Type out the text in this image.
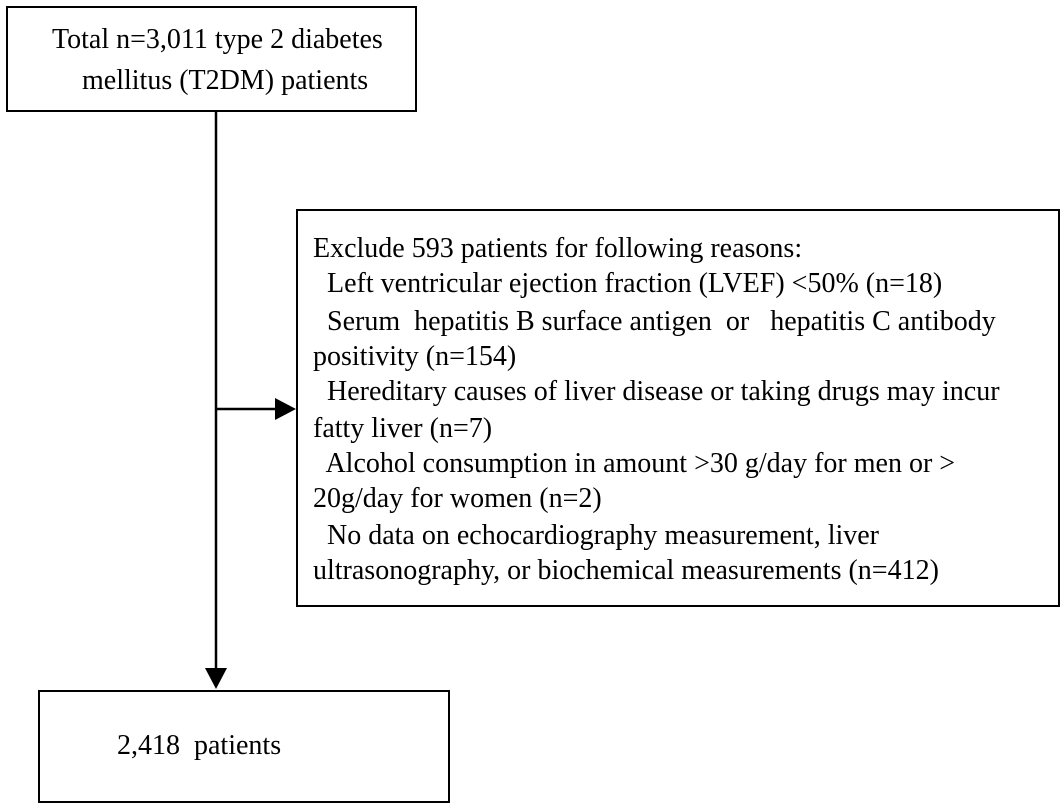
Total n=3,011 type 2 diabetes
mellitus (T2DM) patients
Exclude 593 patients for following reasons:
Left ventricular ejection fraction (LVEF) <50% (n=18)
Serum  hepatitis B surface antigen  or   hepatitis C antibody
positivity (n=154)
Hereditary causes of liver disease or taking drugs may incur
fatty liver (n=7)
Alcohol consumption in amount >30 g/day for men or >
20g/day for women (n=2)
No data on echocardiography measurement, liver
ultrasonography, or biochemical measurements (n=412)
2,418  patients
